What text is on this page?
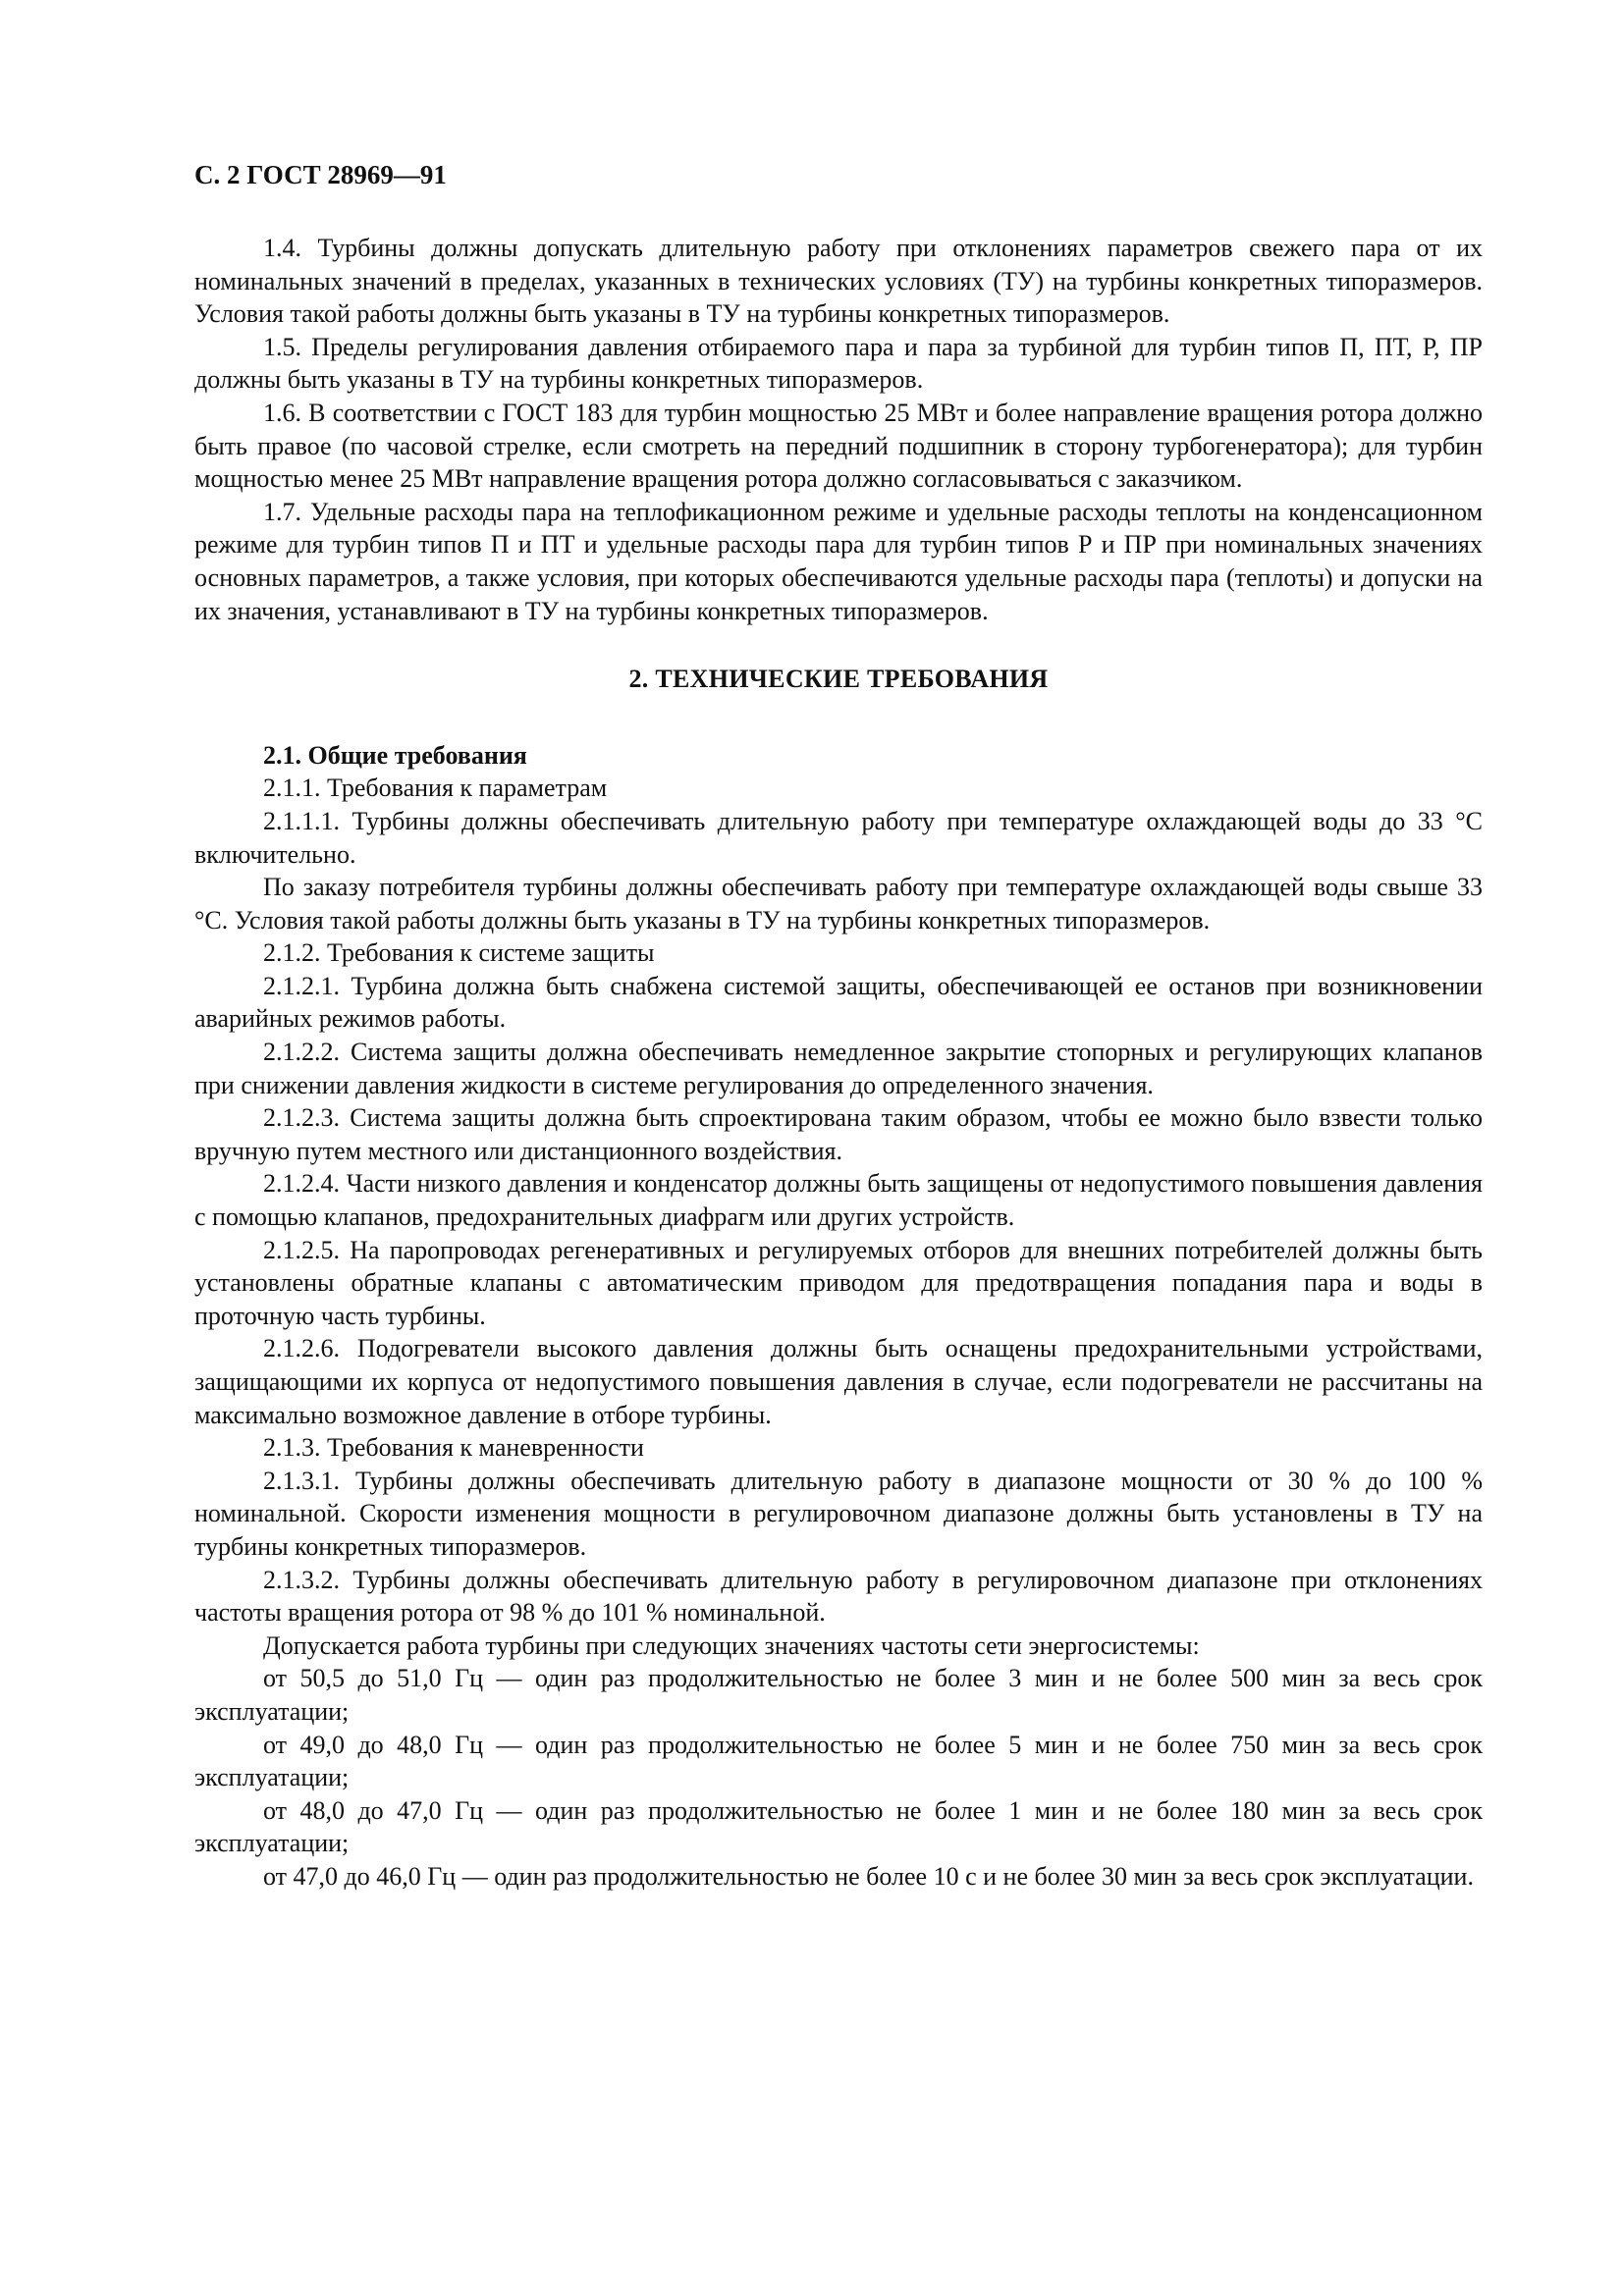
С. 2 ГОСТ 28969—91

1.4. Турбины должны допускать длительную работу при отклонениях параметров свежего пара от их номинальных значений в пределах, указанных в технических условиях (ТУ) на турбины конкретных типоразмеров. Условия такой работы должны быть указаны в ТУ на турбины конкретных типоразмеров.

1.5. Пределы регулирования давления отбираемого пара и пара за турбиной для турбин типов П, ПТ, Р, ПР должны быть указаны в ТУ на турбины конкретных типоразмеров.

1.6. В соответствии с ГОСТ 183 для турбин мощностью 25 МВт и более направление вращения ротора должно быть правое (по часовой стрелке, если смотреть на передний подшипник в сторону турбогенератора); для турбин мощностью менее 25 МВт направление вращения ротора должно согласовываться с заказчиком.

1.7. Удельные расходы пара на теплофикационном режиме и удельные расходы теплоты на конденсационном режиме для турбин типов П и ПТ и удельные расходы пара для турбин типов Р и ПР при номинальных значениях основных параметров, а также условия, при которых обеспечиваются удельные расходы пара (теплоты) и допуски на их значения, устанавливают в ТУ на турбины конкретных типоразмеров.

2. ТЕХНИЧЕСКИЕ ТРЕБОВАНИЯ

2.1. Общие требования

2.1.1. Требования к параметрам

2.1.1.1. Турбины должны обеспечивать длительную работу при температуре охлаждающей воды до 33 °С включительно.

По заказу потребителя турбины должны обеспечивать работу при температуре охлаждающей воды свыше 33 °С. Условия такой работы должны быть указаны в ТУ на турбины конкретных типоразмеров.

2.1.2. Требования к системе защиты

2.1.2.1. Турбина должна быть снабжена системой защиты, обеспечивающей ее останов при возникновении аварийных режимов работы.

2.1.2.2. Система защиты должна обеспечивать немедленное закрытие стопорных и регулирующих клапанов при снижении давления жидкости в системе регулирования до определенного значения.

2.1.2.3. Система защиты должна быть спроектирована таким образом, чтобы ее можно было взвести только вручную путем местного или дистанционного воздействия.

2.1.2.4. Части низкого давления и конденсатор должны быть защищены от недопустимого повышения давления с помощью клапанов, предохранительных диафрагм или других устройств.

2.1.2.5. На паропроводах регенеративных и регулируемых отборов для внешних потребителей должны быть установлены обратные клапаны с автоматическим приводом для предотвращения попадания пара и воды в проточную часть турбины.

2.1.2.6. Подогреватели высокого давления должны быть оснащены предохранительными устройствами, защищающими их корпуса от недопустимого повышения давления в случае, если подогреватели не рассчитаны на максимально возможное давление в отборе турбины.

2.1.3. Требования к маневренности

2.1.3.1. Турбины должны обеспечивать длительную работу в диапазоне мощности от 30 % до 100 % номинальной. Скорости изменения мощности в регулировочном диапазоне должны быть установлены в ТУ на турбины конкретных типоразмеров.

2.1.3.2. Турбины должны обеспечивать длительную работу в регулировочном диапазоне при отклонениях частоты вращения ротора от 98 % до 101 % номинальной.

Допускается работа турбины при следующих значениях частоты сети энергосистемы:

от 50,5 до 51,0 Гц — один раз продолжительностью не более 3 мин и не более 500 мин за весь срок эксплуатации;

от 49,0 до 48,0 Гц — один раз продолжительностью не более 5 мин и не более 750 мин за весь срок эксплуатации;

от 48,0 до 47,0 Гц — один раз продолжительностью не более 1 мин и не более 180 мин за весь срок эксплуатации;

от 47,0 до 46,0 Гц — один раз продолжительностью не более 10 с и не более 30 мин за весь срок эксплуатации.
